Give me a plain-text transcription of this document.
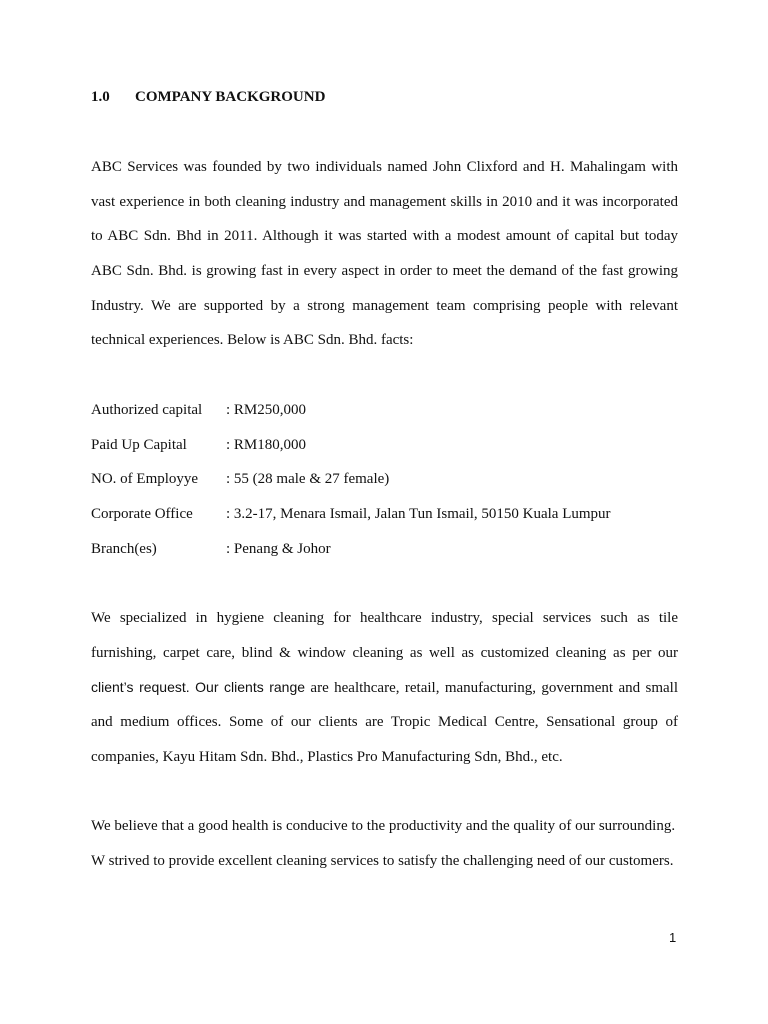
1.0 COMPANY BACKGROUND
ABC Services was founded by two individuals named John Clixford and H. Mahalingam with
vast experience in both cleaning industry and management skills in 2010 and it was incorporated
to ABC Sdn. Bhd in 2011. Although it was started with a modest amount of capital but today
ABC Sdn. Bhd. is growing fast in every aspect in order to meet the demand of the fast growing
Industry. We are supported by a strong management team comprising people with relevant
technical experiences. Below is ABC Sdn. Bhd. facts:
Authorized capital : RM250,000
Paid Up Capital	: RM180,000
NO. of Employye : 55 (28 male & 27 female)
Corporate Office : 3.2-17, Menara Ismail, Jalan Tun Ismail, 50150 Kuala Lumpur
Branch(es)	: Penang & Johor
We specialized in hygiene cleaning for healthcare industry, special services such as tile
furnishing, carpet care, blind & window cleaning as well as customized cleaning as per our
client’s request. Our clients range are healthcare, retail, manufacturing, government and small
and medium offices. Some of our clients are Tropic Medical Centre, Sensational group of
companies, Kayu Hitam Sdn. Bhd., Plastics Pro Manufacturing Sdn, Bhd., etc.
We believe that a good health is conducive to the productivity and the quality of our surrounding.
W strived to provide excellent cleaning services to satisfy the challenging need of our customers.
1
